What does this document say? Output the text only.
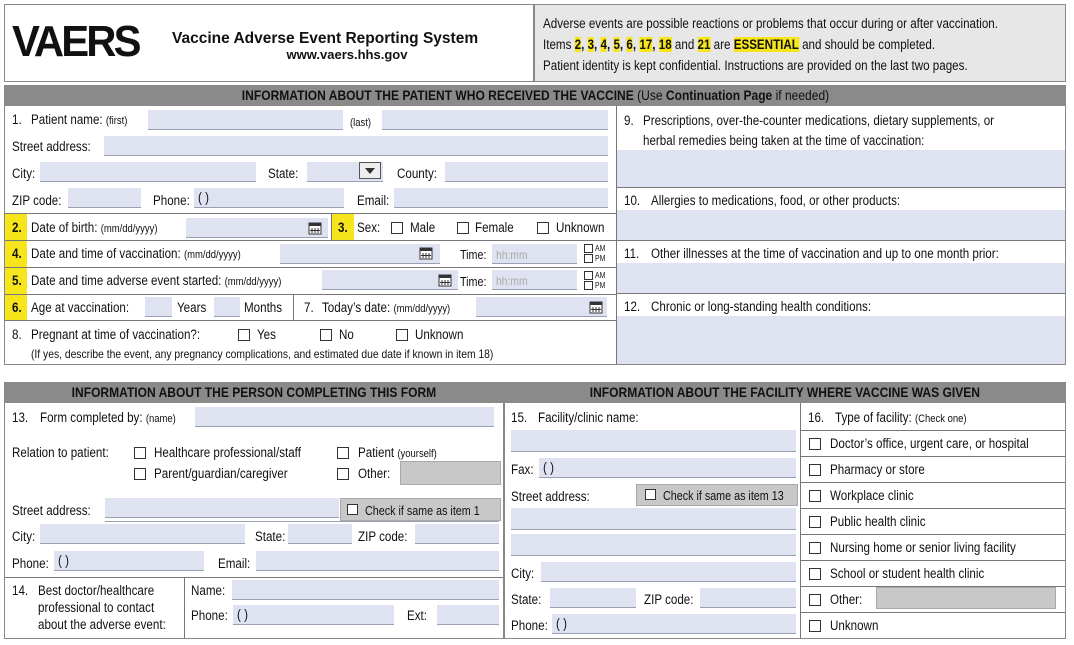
VAERS Vaccine Adverse Event Reporting System
www.vaers.hhs.gov
Adverse events are possible reactions or problems that occur during or after vaccination.
Items 2, 3, 4, 5, 6, 17, 18 and 21 are ESSENTIAL and should be completed.
Patient identity is kept confidential. Instructions are provided on the last two pages.
INFORMATION ABOUT THE PATIENT WHO RECEIVED THE VACCINE (Use Continuation Page if needed)
1. Patient name: (first)	(last)
Street address:
City:	State:	County:
ZIP code:	Phone: ( )	Email:
2. Date of birth: (mm/dd/yyyy)	3. Sex: Male	Female	Unknown
4. Date and time of vaccination: (mm/dd/yyyy)	Time: hh:mm	AM
PM
5. Date and time adverse event started: (mm/dd/yyyy)	Time: hh:mm	AM
PM
6. Age at vaccination:	Years	Months 7. Today’s date: (mm/dd/yyyy)
8. Pregnant at time of vaccination?:	Yes	No	Unknown
(If yes, describe the event, any pregnancy complications, and estimated due date if known in item 18)
9. Prescriptions, over-the-counter medications, dietary supplements, or
herbal remedies being taken at the time of vaccination:
10. Allergies to medications, food, or other products:
11. Other illnesses at the time of vaccination and up to one month prior:
12. Chronic or long-standing health conditions:
INFORMATION ABOUT THE PERSON COMPLETING THIS FORM
13. Form completed by: (name)
Relation to patient:	Healthcare professional/staff	Patient (yourself)
Parent/guardian/caregiver	Other:
Street address:	Check if same as item 1
City:	State:	ZIP code:
Phone: ( )	Email:
14. Best doctor/healthcare
professional to contact
about the adverse event:
Name:
Phone: ( )	Ext:
INFORMATION ABOUT THE FACILITY WHERE VACCINE WAS GIVEN
15. Facility/clinic name:
Fax: ( )
Street address:	Check if same as item 13
City:
State:	ZIP code:
Phone: ( )
16. Type of facility: (Check one)
Doctor’s office, urgent care, or hospital
Pharmacy or store
Workplace clinic
Public health clinic
Nursing home or senior living facility
School or student health clinic
Other:
Unknown
